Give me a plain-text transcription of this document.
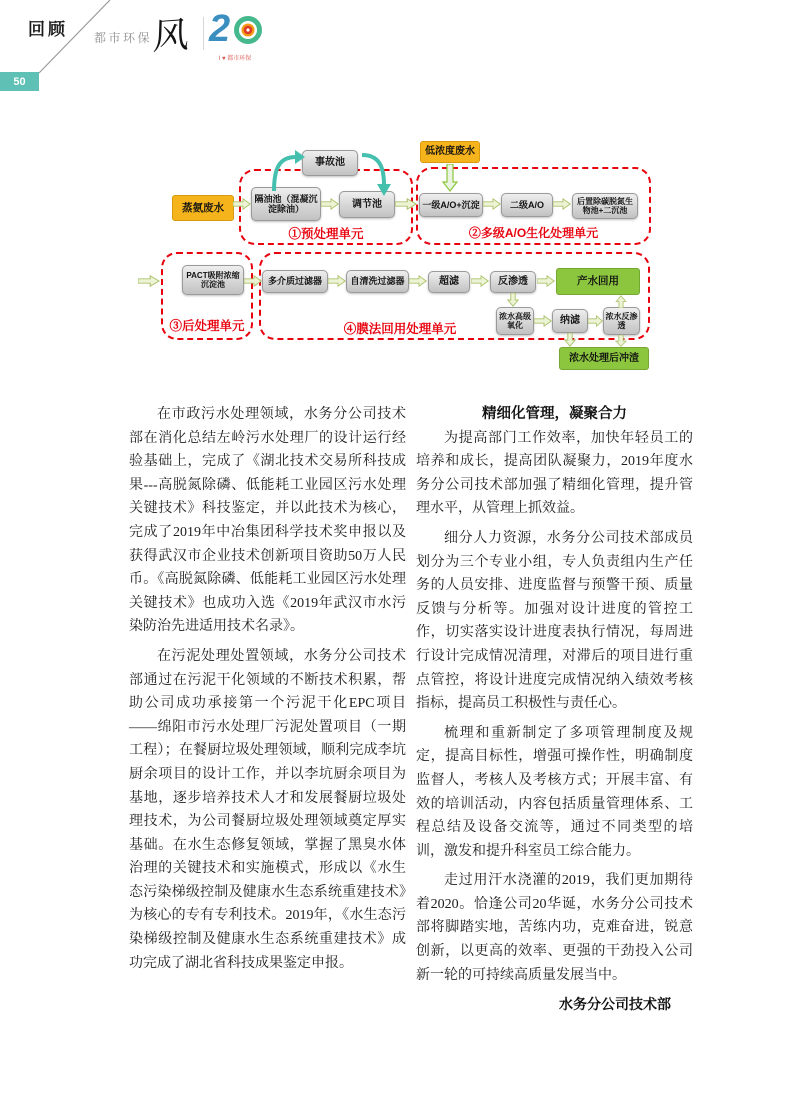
回顾
50
都市环保 风 2
I ♥ 都市环保
①预处理单元	②多级A/O生化处理单元
③后处理单元	④膜法回用处理单元
蒸氨废水
低浓度废水
隔油池（混凝沉淀除油）
事故池
调节池	一级A/O+沉淀	二级A/O	后置除碳脱氮生物池+二沉池
PACT吸附浓缩沉淀池	多介质过滤器	自清洗过滤器	超滤	反渗透	产水回用
浓水高级氧化	纳滤	浓水反渗透
浓水处理后冲渣

在市政污水处理领域，水务分公司技术部在消化总结左岭污水处理厂的设计运行经验基础上，完成了《湖北技术交易所科技成果---高脱氮除磷、低能耗工业园区污水处理关键技术》科技鉴定，并以此技术为核心，完成了2019年中冶集团科学技术奖申报以及获得武汉市企业技术创新项目资助50万人民币。《高脱氮除磷、低能耗工业园区污水处理关键技术》也成功入选《2019年武汉市水污染防治先进适用技术名录》。

在污泥处理处置领域，水务分公司技术部通过在污泥干化领域的不断技术积累，帮助公司成功承接第一个污泥干化EPC项目——绵阳市污水处理厂污泥处置项目（一期工程）；在餐厨垃圾处理领域，顺利完成李坑厨余项目的设计工作，并以李坑厨余项目为基地，逐步培养技术人才和发展餐厨垃圾处理技术，为公司餐厨垃圾处理领域奠定厚实基础。在水生态修复领域，掌握了黑臭水体治理的关键技术和实施模式，形成以《水生态污染梯级控制及健康水生态系统重建技术》为核心的专有专利技术。2019年，《水生态污染梯级控制及健康水生态系统重建技术》成功完成了湖北省科技成果鉴定申报。

精细化管理，凝聚合力

为提高部门工作效率，加快年轻员工的培养和成长，提高团队凝聚力，2019年度水务分公司技术部加强了精细化管理，提升管理水平，从管理上抓效益。

细分人力资源，水务分公司技术部成员划分为三个专业小组，专人负责组内生产任务的人员安排、进度监督与预警干预、质量反馈与分析等。加强对设计进度的管控工作，切实落实设计进度表执行情况，每周进行设计完成情况清理，对滞后的项目进行重点管控，将设计进度完成情况纳入绩效考核指标，提高员工积极性与责任心。

梳理和重新制定了多项管理制度及规定，提高目标性，增强可操作性，明确制度监督人，考核人及考核方式；开展丰富、有效的培训活动，内容包括质量管理体系、工程总结及设备交流等，通过不同类型的培训，激发和提升科室员工综合能力。

走过用汗水浇灌的2019，我们更加期待着2020。恰逢公司20华诞，水务分公司技术部将脚踏实地，苦练内功，克难奋进，锐意创新，以更高的效率、更强的干劲投入公司新一轮的可持续高质量发展当中。

水务分公司技术部
